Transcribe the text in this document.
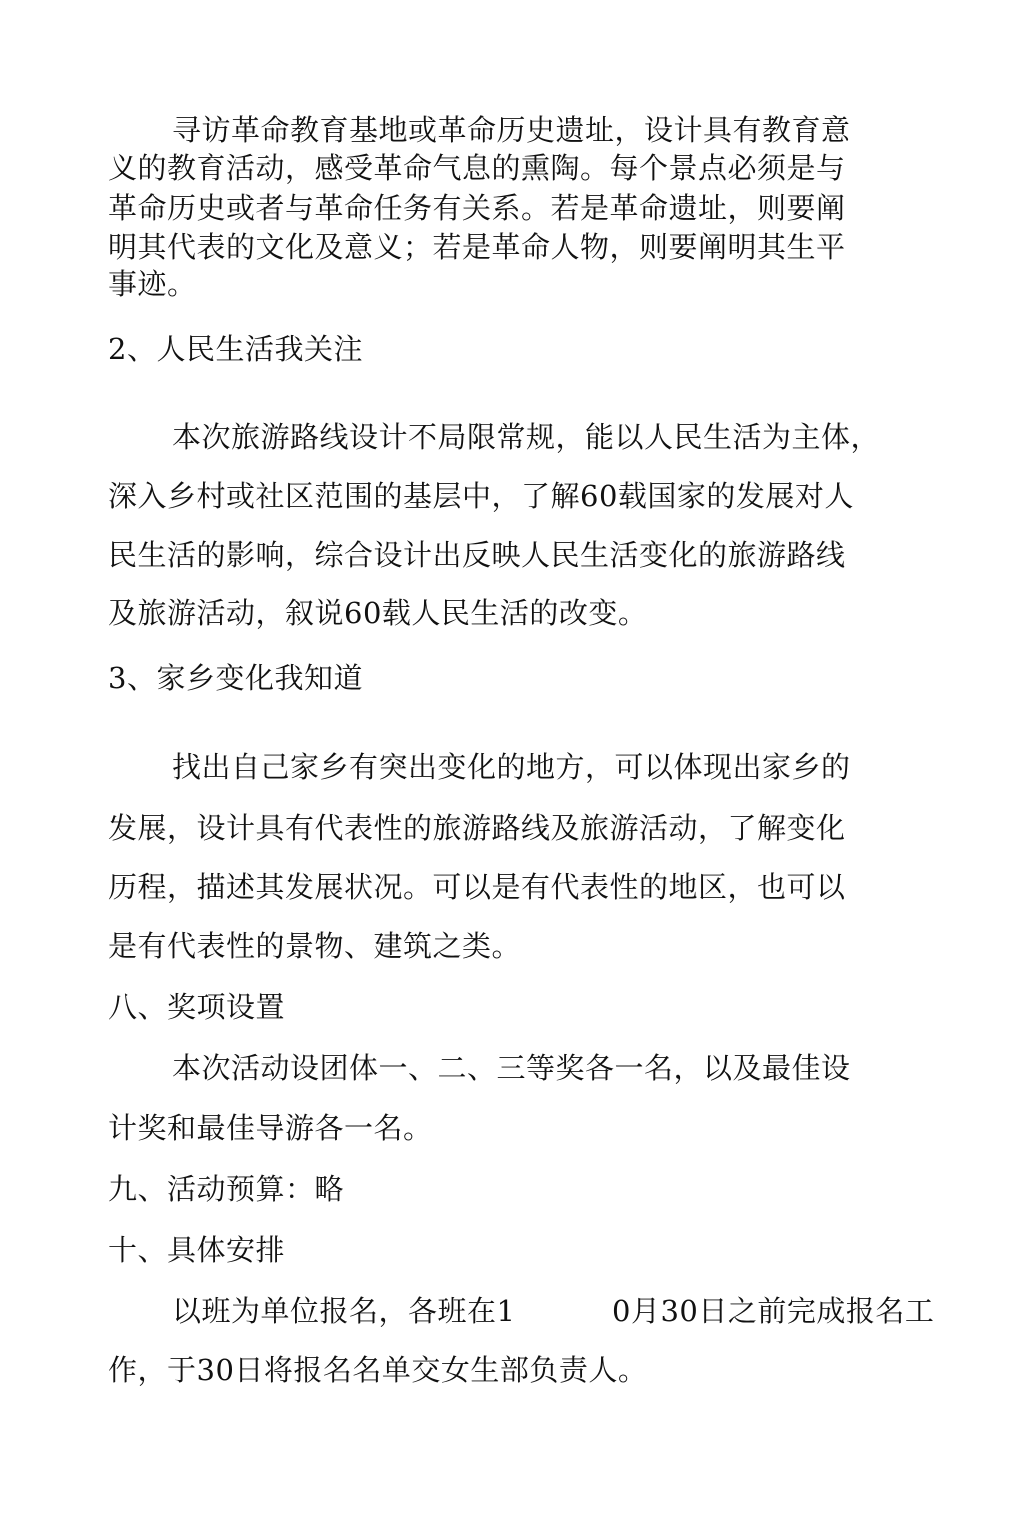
寻访革命教育基地或革命历史遗址，设计具有教育意
义的教育活动，感受革命气息的熏陶。每个景点必须是与
革命历史或者与革命任务有关系。若是革命遗址，则要阐
明其代表的文化及意义；若是革命人物，则要阐明其生平
事迹。
2、人民生活我关注
本次旅游路线设计不局限常规，能以人民生活为主体，
深入乡村或社区范围的基层中，了解60载国家的发展对人
民生活的影响，综合设计出反映人民生活变化的旅游路线
及旅游活动，叙说60载人民生活的改变。
3、家乡变化我知道
找出自己家乡有突出变化的地方，可以体现出家乡的
发展，设计具有代表性的旅游路线及旅游活动，了解变化
历程，描述其发展状况。可以是有代表性的地区，也可以
是有代表性的景物、建筑之类。
八、奖项设置
本次活动设团体一、二、三等奖各一名，以及最佳设
计奖和最佳导游各一名。
九、活动预算：略
十、具体安排
以班为单位报名，各班在1	0月30日之前完成报名工
作，于30日将报名名单交女生部负责人。
